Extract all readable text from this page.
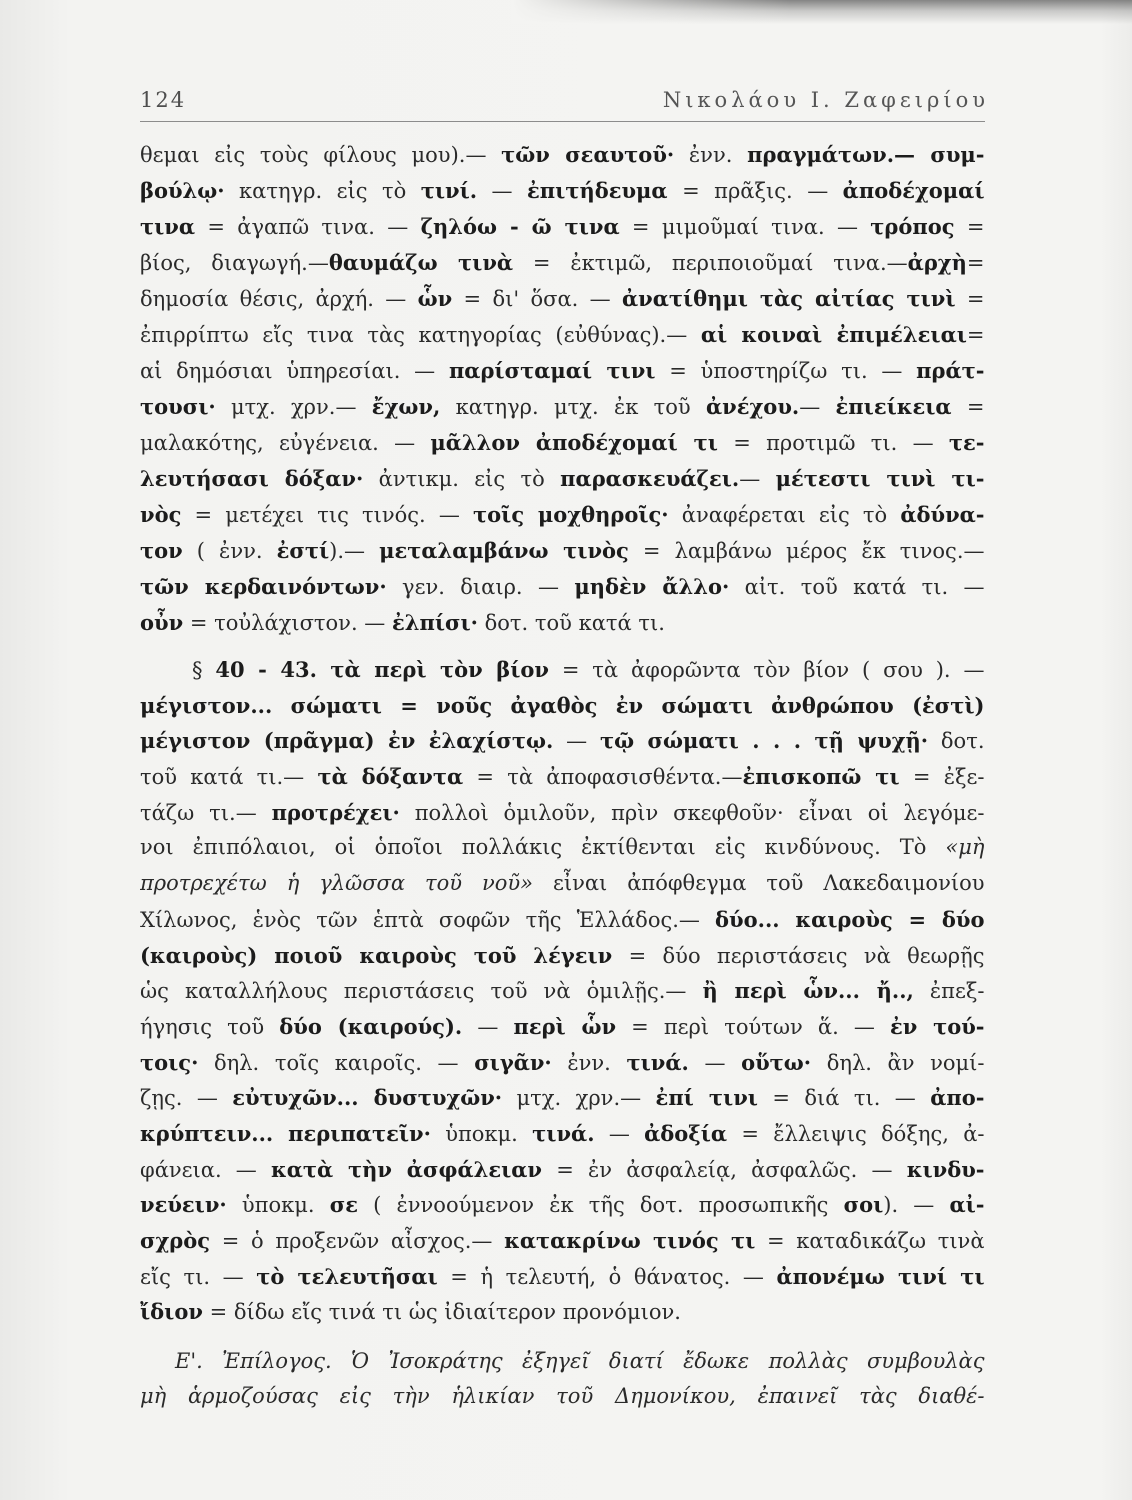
124	Νικολάου Ι. Ζαφειρίου
θεμαι εἰς τοὺς φίλους μου).— τῶν σεαυτοῦ· ἐνν. πραγμάτων.— συμ-
βούλῳ· κατηγρ. εἰς τὸ τινί. — ἐπιτήδευμα = πρᾶξις. — ἀποδέχομαί
τινα = ἀγαπῶ τινα. — ζηλόω - ῶ τινα = μιμοῦμαί τινα. — τρόπος =
βίος, διαγωγή.—θαυμάζω τινὰ = ἐκτιμῶ, περιποιοῦμαί τινα.—ἀρχὴ=
δημοσία θέσις, ἀρχή. — ὧν = δι' ὅσα. — ἀνατίθημι τὰς αἰτίας τινὶ =
ἐπιρρίπτω εἴς τινα τὰς κατηγορίας (εὐθύνας).— αἱ κοιναὶ ἐπιμέλειαι=
αἱ δημόσιαι ὑπηρεσίαι. — παρίσταμαί τινι = ὑποστηρίζω τι. — πράτ-
τουσι· μτχ. χρν.— ἔχων, κατηγρ. μτχ. ἐκ τοῦ ἀνέχου.— ἐπιείκεια =
μαλακότης, εὐγένεια. — μᾶλλον ἀποδέχομαί τι = προτιμῶ τι. — τε-
λευτήσασι δόξαν· ἀντικμ. εἰς τὸ παρασκευάζει.— μέτεστι τινὶ τι-
νὸς = μετέχει τις τινός. — τοῖς μοχθηροῖς· ἀναφέρεται εἰς τὸ ἀδύνα-
τον ( ἐνν. ἐστί).— μεταλαμβάνω τινὸς = λαμβάνω μέρος ἔκ τινος.—
τῶν κερδαινόντων· γεν. διαιρ. — μηδὲν ἄλλο· αἰτ. τοῦ κατά τι. —
οὖν = τοὐλάχιστον. — ἐλπίσι· δοτ. τοῦ κατά τι.
§ 40 - 43. τὰ περὶ τὸν βίον = τὰ ἀφορῶντα τὸν βίον ( σου ). —
μέγιστον... σώματι = νοῦς ἀγαθὸς ἐν σώματι ἀνθρώπου (ἐστὶ)
μέγιστον (πρᾶγμα) ἐν ἐλαχίστῳ. — τῷ σώματι . . . τῇ ψυχῇ· δοτ.
τοῦ κατά τι.— τὰ δόξαντα = τὰ ἀποφασισθέντα.—ἐπισκοπῶ τι = ἐξε-
τάζω τι.— προτρέχει· πολλοὶ ὁμιλοῦν, πρὶν σκεφθοῦν· εἶναι οἱ λεγόμε-
νοι ἐπιπόλαιοι, οἱ ὁποῖοι πολλάκις ἐκτίθενται εἰς κινδύνους. Τὸ «μὴ
προτρεχέτω ἡ γλῶσσα τοῦ νοῦ» εἶναι ἀπόφθεγμα τοῦ Λακεδαιμονίου
Χίλωνος, ἑνὸς τῶν ἑπτὰ σοφῶν τῆς Ἑλλάδος.— δύο... καιροὺς = δύο
(καιροὺς) ποιοῦ καιροὺς τοῦ λέγειν = δύο περιστάσεις νὰ θεωρῇς
ὡς καταλλήλους περιστάσεις τοῦ νὰ ὁμιλῇς.— ἢ περὶ ὧν... ἤ.., ἐπεξ-
ήγησις τοῦ δύο (καιρούς). — περὶ ὧν = περὶ τούτων ἅ. — ἐν τού-
τοις· δηλ. τοῖς καιροῖς. — σιγᾶν· ἐνν. τινά. — οὕτω· δηλ. ἂν νομί-
ζῃς. — εὐτυχῶν... δυστυχῶν· μτχ. χρν.— ἐπί τινι = διά τι. — ἀπο-
κρύπτειν... περιπατεῖν· ὑποκμ. τινά. — ἀδοξία = ἔλλειψις δόξης, ἀ-
φάνεια. — κατὰ τὴν ἀσφάλειαν = ἐν ἀσφαλείᾳ, ἀσφαλῶς. — κινδυ-
νεύειν· ὑποκμ. σε ( ἐννοούμενον ἐκ τῆς δοτ. προσωπικῆς σοι). — αἰ-
σχρὸς = ὁ προξενῶν αἶσχος.— κατακρίνω τινός τι = καταδικάζω τινὰ
εἴς τι. — τὸ τελευτῆσαι = ἡ τελευτή, ὁ θάνατος. — ἀπονέμω τινί τι
ἴδιον = δίδω εἴς τινά τι ὡς ἰδιαίτερον προνόμιον.
Ε'. Ἐπίλογος. Ὁ Ἰσοκράτης ἐξηγεῖ διατί ἔδωκε πολλὰς συμβουλὰς
μὴ ἁρμοζούσας εἰς τὴν ἡλικίαν τοῦ Δημονίκου, ἐπαινεῖ τὰς διαθέ-
